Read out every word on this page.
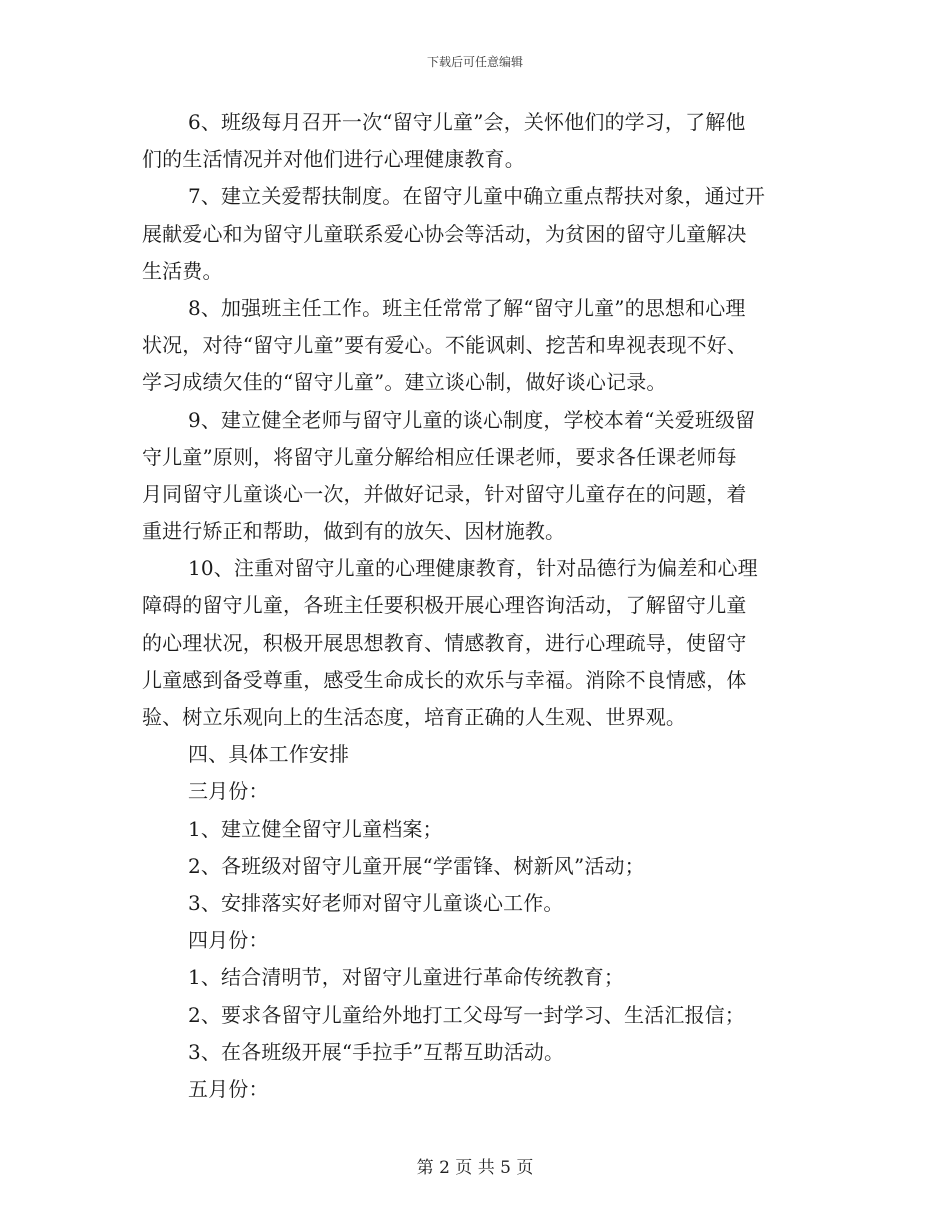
下载后可任意编辑
6、班级每月召开一次“留守儿童”会，关怀他们的学习，了解他
们的生活情况并对他们进行心理健康教育。
7、建立关爱帮扶制度。在留守儿童中确立重点帮扶对象，通过开
展献爱心和为留守儿童联系爱心协会等活动，为贫困的留守儿童解决
生活费。
8、加强班主任工作。班主任常常了解“留守儿童”的思想和心理
状况，对待“留守儿童”要有爱心。不能讽刺、挖苦和卑视表现不好、
学习成绩欠佳的“留守儿童”。建立谈心制，做好谈心记录。
9、建立健全老师与留守儿童的谈心制度，学校本着“关爱班级留
守儿童”原则，将留守儿童分解给相应任课老师，要求各任课老师每
月同留守儿童谈心一次，并做好记录，针对留守儿童存在的问题，着
重进行矫正和帮助，做到有的放矢、因材施教。
10、注重对留守儿童的心理健康教育，针对品德行为偏差和心理
障碍的留守儿童，各班主任要积极开展心理咨询活动，了解留守儿童
的心理状况，积极开展思想教育、情感教育，进行心理疏导，使留守
儿童感到备受尊重，感受生命成长的欢乐与幸福。消除不良情感，体
验、树立乐观向上的生活态度，培育正确的人生观、世界观。
四、具体工作安排
三月份：
1、建立健全留守儿童档案；
2、各班级对留守儿童开展“学雷锋、树新风”活动；
3、安排落实好老师对留守儿童谈心工作。
四月份：
1、结合清明节，对留守儿童进行革命传统教育；
2、要求各留守儿童给外地打工父母写一封学习、生活汇报信；
3、在各班级开展“手拉手”互帮互助活动。
五月份：
第 2 页 共 5 页
